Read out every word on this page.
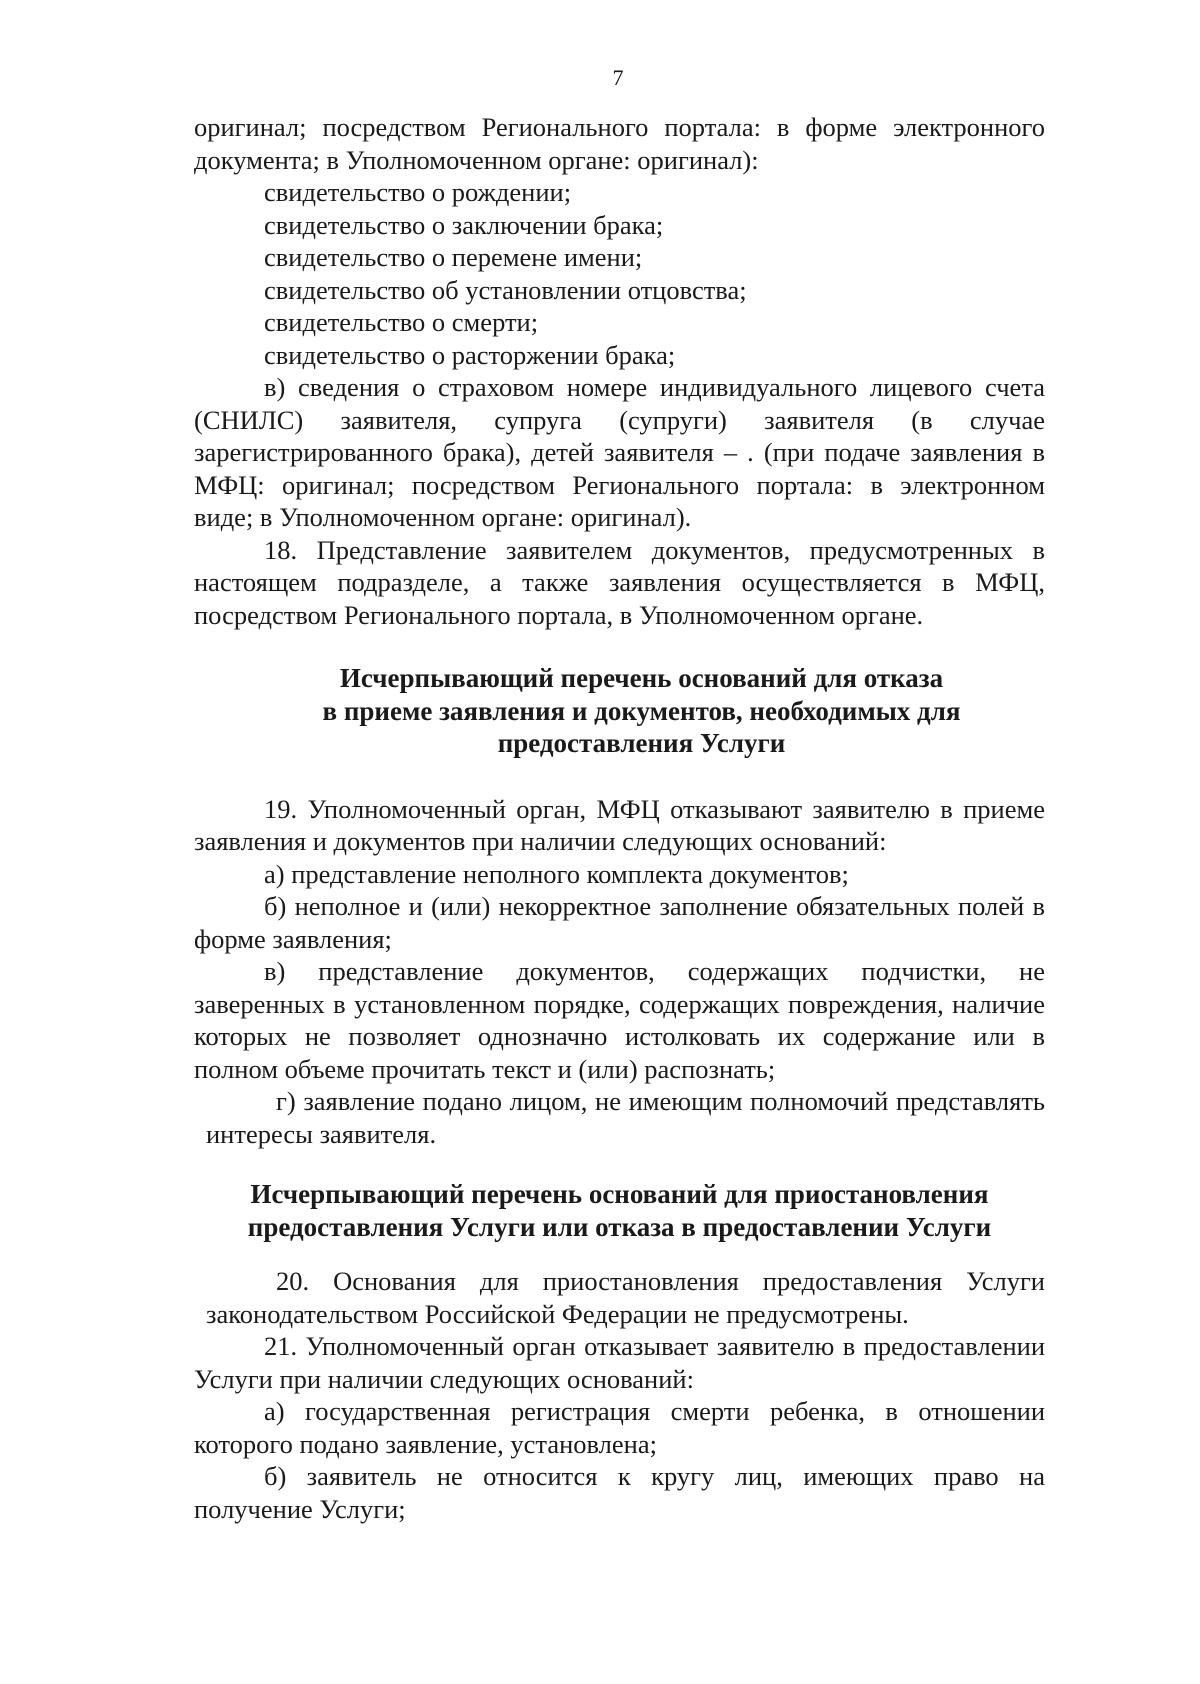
7

оригинал; посредством Регионального портала: в форме электронного документа; в Уполномоченном органе: оригинал):

свидетельство о рождении;

свидетельство о заключении брака;

свидетельство о перемене имени;

свидетельство об установлении отцовства;

свидетельство о смерти;

свидетельство о расторжении брака;

в) сведения о страховом номере индивидуального лицевого счета (СНИЛС) заявителя, супруга (супруги) заявителя (в случае зарегистрированного брака), детей заявителя – . (при подаче заявления в МФЦ: оригинал; посредством Регионального портала: в электронном виде; в Уполномоченном органе: оригинал).

18. Представление заявителем документов, предусмотренных в настоящем подразделе, а также заявления осуществляется в МФЦ, посредством Регионального портала, в Уполномоченном органе.

Исчерпывающий перечень оснований для отказа

в приеме заявления и документов, необходимых для

предоставления Услуги

19. Уполномоченный орган, МФЦ отказывают заявителю в приеме заявления и документов при наличии следующих оснований:

а) представление неполного комплекта документов;

б) неполное и (или) некорректное заполнение обязательных полей в форме заявления;

в) представление документов, содержащих подчистки, не заверенных в установленном порядке, содержащих повреждения, наличие которых не позволяет однозначно истолковать их содержание или в полном объеме прочитать текст и (или) распознать;

г) заявление подано лицом, не имеющим полномочий представлять интересы заявителя.

Исчерпывающий перечень оснований для приостановления

предоставления Услуги или отказа в предоставлении Услуги

20. Основания для приостановления предоставления Услуги законодательством Российской Федерации не предусмотрены.

21. Уполномоченный орган отказывает заявителю в предоставлении Услуги при наличии следующих оснований:

а) государственная регистрация смерти ребенка, в отношении которого подано заявление, установлена;

б) заявитель не относится к кругу лиц, имеющих право на получение Услуги;
